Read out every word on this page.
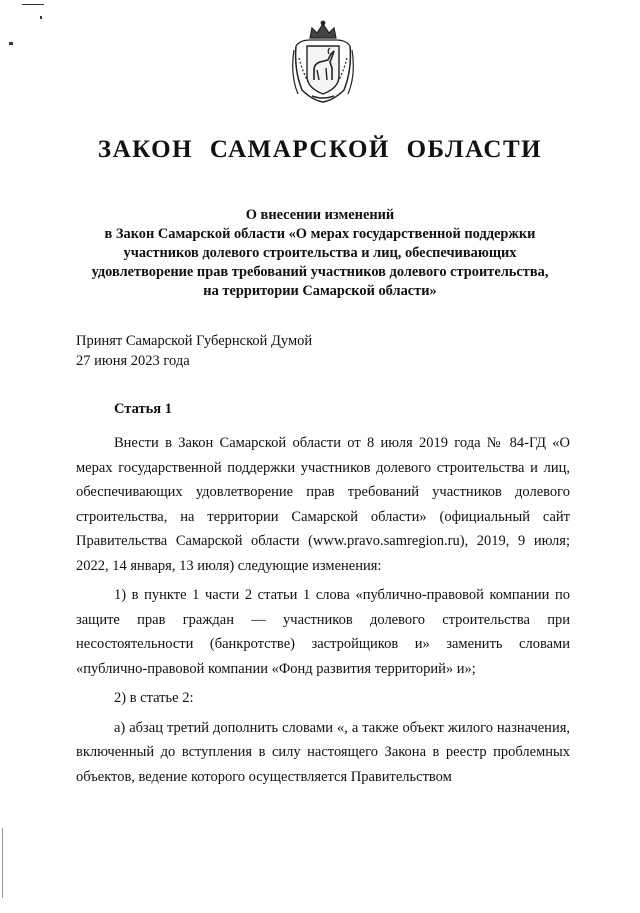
ЗАКОН САМАРСКОЙ ОБЛАСТИ
О внесении изменений
в Закон Самарской области «О мерах государственной поддержки
участников долевого строительства и лиц, обеспечивающих
удовлетворение прав требований участников долевого строительства,
на территории Самарской области»
Принят Самарской Губернской Думой
27 июня 2023 года
Статья 1

Внести в Закон Самарской области от 8 июля 2019 года № 84-ГД «О мерах государственной поддержки участников долевого строительства и лиц, обеспечивающих удовлетворение прав требований участников долевого строительства, на территории Самарской области» (официальный сайт Правительства Самарской области (www.pravo.samregion.ru), 2019, 9 июля; 2022, 14 января, 13 июля) следующие изменения:

1) в пункте 1 части 2 статьи 1 слова «публично-правовой компании по защите прав граждан — участников долевого строительства при несостоятельности (банкротстве) застройщиков и» заменить словами «публично-правовой компании «Фонд развития территорий» и»;

2) в статье 2:

а) абзац третий дополнить словами «, а также объект жилого назначения, включенный до вступления в силу настоящего Закона в реестр проблемных объектов, ведение которого осуществляется Правительством
